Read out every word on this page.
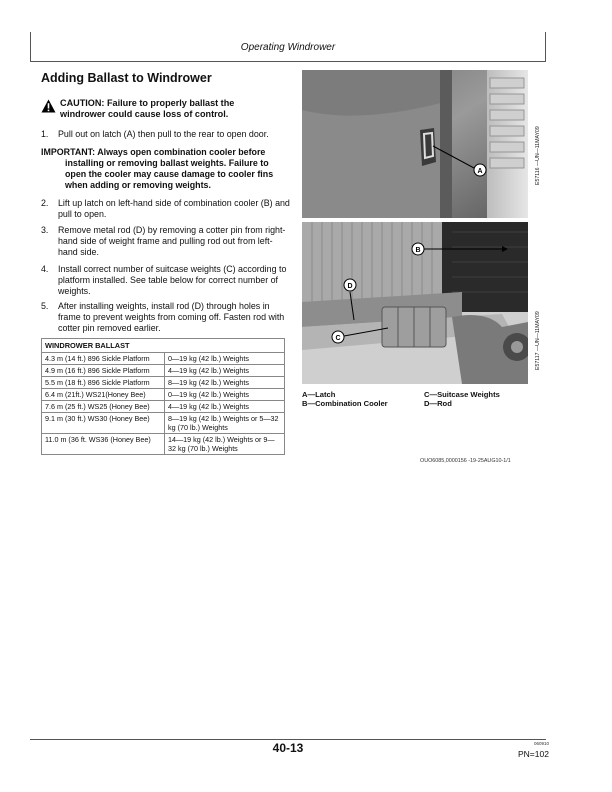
Operating Windrower
Adding Ballast to Windrower
CAUTION: Failure to properly ballast the windrower could cause loss of control.
1.	Pull out on latch (A) then pull to the rear to open door.
IMPORTANT: Always open combination cooler before
installing or removing ballast weights. Failure to open the cooler may cause damage to cooler fins when adding or removing weights.
2.	Lift up latch on left-hand side of combination cooler (B) and pull to open.
3.	Remove metal rod (D) by removing a cotter pin from right-hand side of weight frame and pulling rod out from left-hand side.
4.	Install correct number of suitcase weights (C) according to platform installed. See table below for correct number of weights.
5.	After installing weights, install rod (D) through holes in frame to prevent weights from coming off. Fasten rod with cotter pin removed earlier.
WINDROWER BALLAST	
4.3 m (14 ft.) 896 Sickle Platform	0—19 kg (42 lb.) Weights
4.9 m (16 ft.) 896 Sickle Platform	4—19 kg (42 lb.) Weights
5.5 m (18 ft.) 896 Sickle Platform	8—19 kg (42 lb.) Weights
6.4 m (21ft.) WS21(Honey Bee)	0—19 kg (42 lb.) Weights
7.6 m (25 ft.) WS25 (Honey Bee)	4—19 kg (42 lb.) Weights
9.1 m (30 ft.) WS30 (Honey Bee)	8—19 kg (42 lb.) Weights or 5—32 kg (70 lb.) Weights
11.0 m (36 ft. WS36 (Honey Bee)	14—19 kg (42 lb.) Weights or 9—32 kg (70 lb.) Weights
A	E57116 —UN—11MAY09
B
D
C	E57117 —UN—11MAY09
A—Latch
B—Combination Cooler
C—Suitcase Weights
D—Rod
OUO6085,0000156 -19-25AUG10-1/1
40-13	060910
PN=102
